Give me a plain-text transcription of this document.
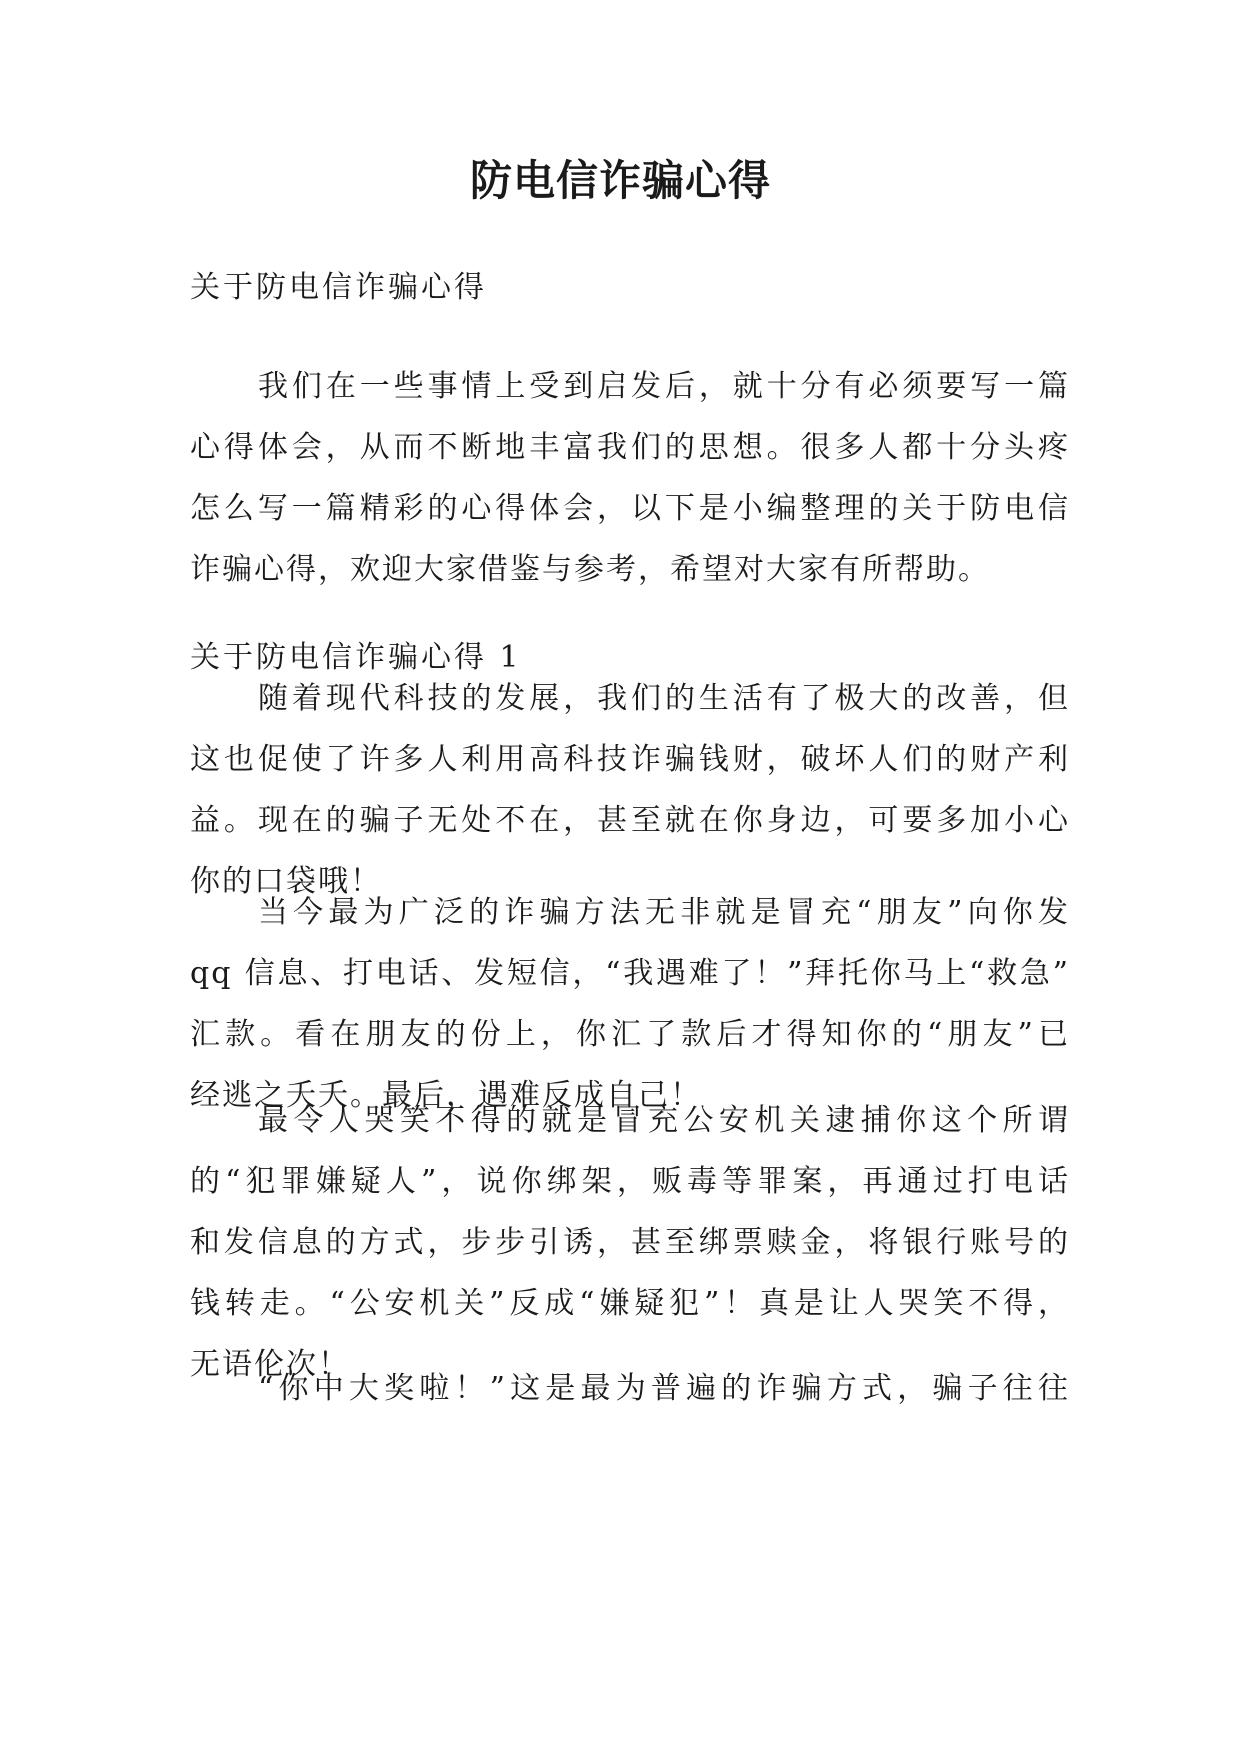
防电信诈骗心得

关于防电信诈骗心得

我们在一些事情上受到启发后，就十分有必须要写一篇
心得体会，从而不断地丰富我们的思想。很多人都十分头疼
怎么写一篇精彩的心得体会，以下是小编整理的关于防电信
诈骗心得，欢迎大家借鉴与参考，希望对大家有所帮助。

关于防电信诈骗心得 1

随着现代科技的发展，我们的生活有了极大的改善，但
这也促使了许多人利用高科技诈骗钱财，破坏人们的财产利
益。现在的骗子无处不在，甚至就在你身边，可要多加小心
你的口袋哦！
当今最为广泛的诈骗方法无非就是冒充“朋友”向你发
qq 信息、打电话、发短信，“我遇难了！”拜托你马上“救急”
汇款。看在朋友的份上，你汇了款后才得知你的“朋友”已
经逃之夭夭。最后，遇难反成自己！
最令人哭笑不得的就是冒充公安机关逮捕你这个所谓
的“犯罪嫌疑人”，说你绑架，贩毒等罪案，再通过打电话
和发信息的方式，步步引诱，甚至绑票赎金，将银行账号的
钱转走。“公安机关”反成“嫌疑犯”！真是让人哭笑不得，
无语伦次！
“你中大奖啦！”这是最为普遍的诈骗方式，骗子往往
